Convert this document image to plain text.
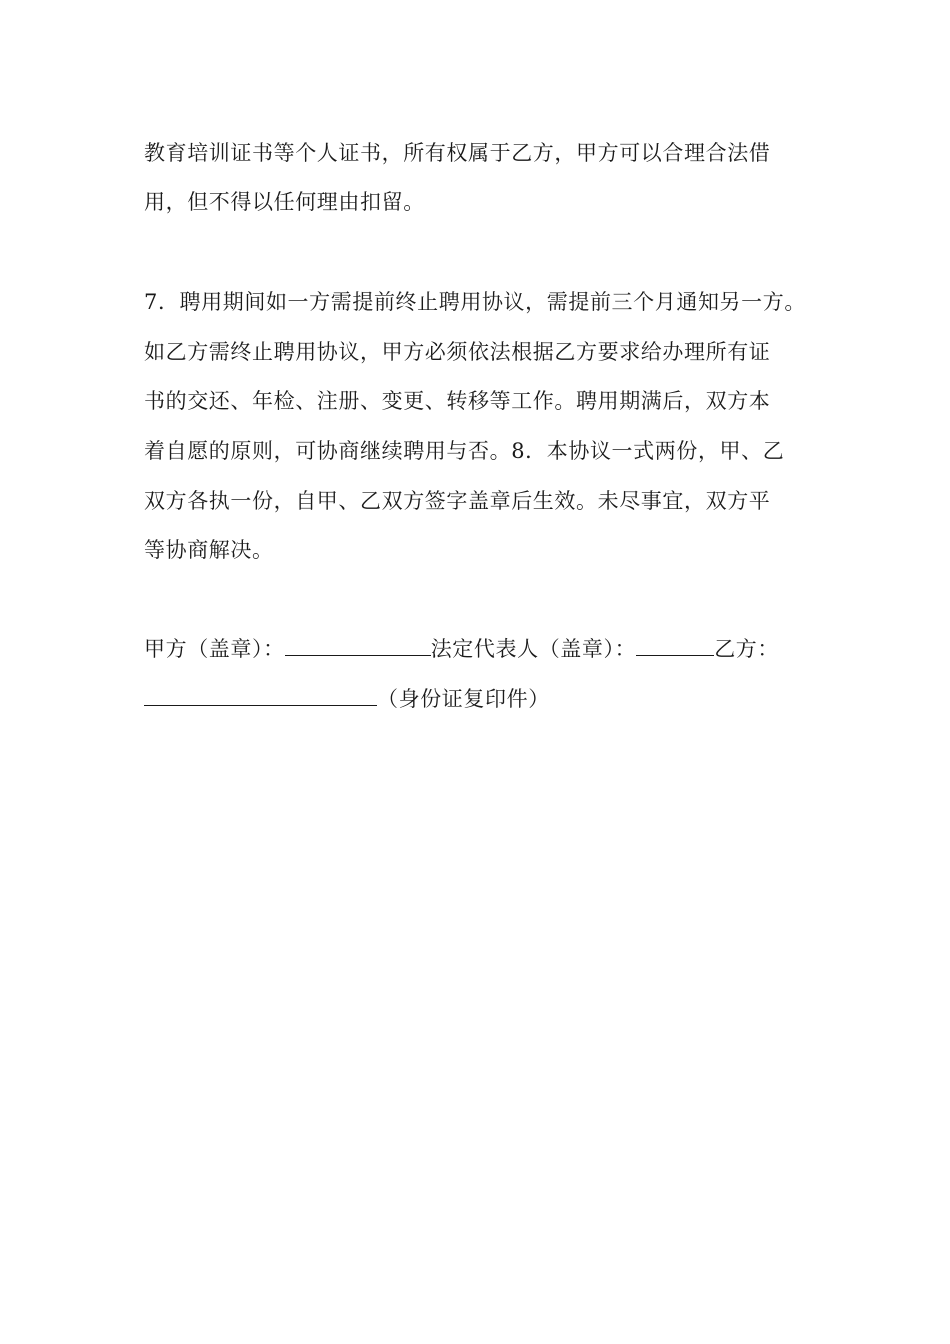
教育培训证书等个人证书，所有权属于乙方，甲方可以合理合法借
用，但不得以任何理由扣留。
7．聘用期间如一方需提前终止聘用协议，需提前三个月通知另一方。
如乙方需终止聘用协议，甲方必须依法根据乙方要求给办理所有证
书的交还、年检、注册、变更、转移等工作。聘用期满后，双方本
着自愿的原则，可协商继续聘用与否。8．本协议一式两份，甲、乙
双方各执一份，自甲、乙双方签字盖章后生效。未尽事宜，双方平
等协商解决。
甲方（盖章）：	法定代表人（盖章）：	乙方：
（身份证复印件）
